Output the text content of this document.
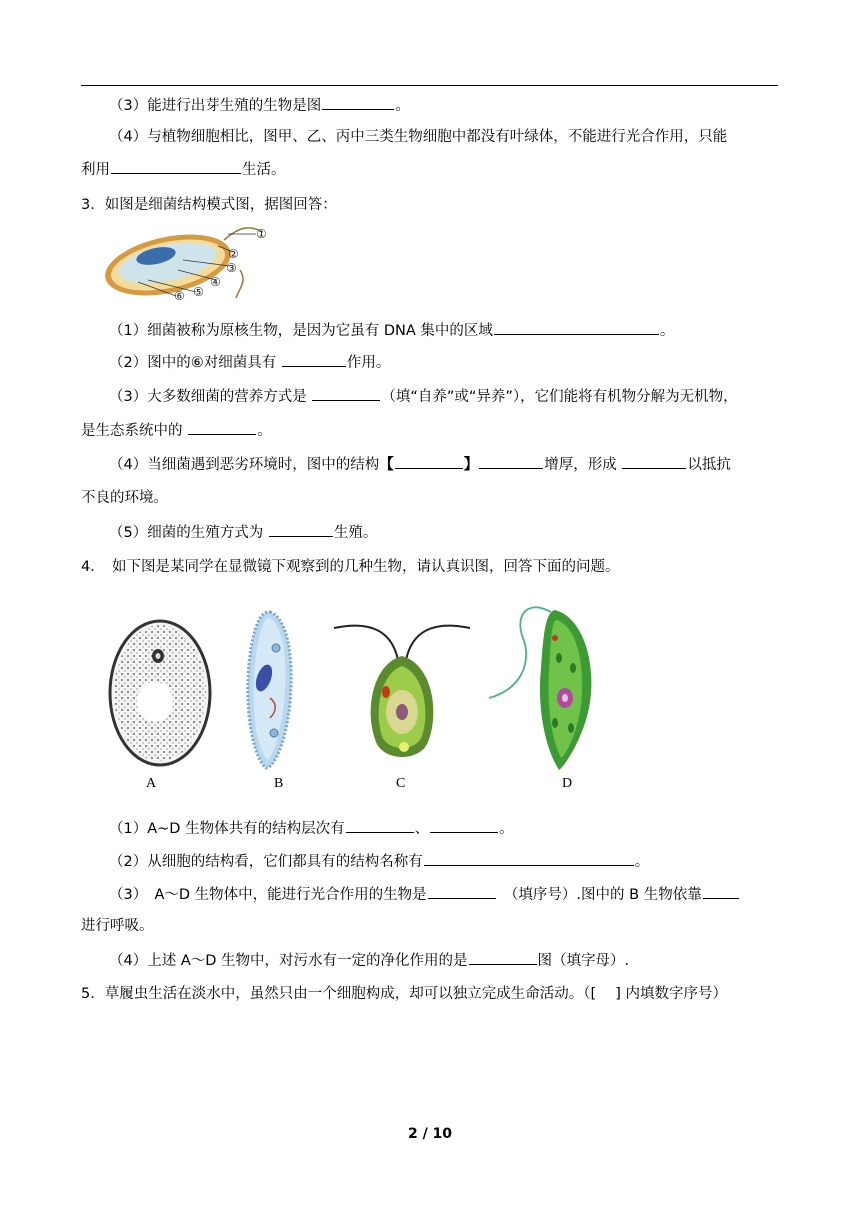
（3）能进行出芽生殖的生物是图	。
（4）与植物细胞相比，图甲、乙、丙中三类生物细胞中都没有叶绿体，不能进行光合作用，只能
利用	生活。
3．如图是细菌结构模式图，据图回答：
①
②
③
④
⑤
⑥
（1）细菌被称为原核生物，是因为它虽有 DNA 集中的区域	。
（2）图中的⑥对细菌具有	作用。
（3）大多数细菌的营养方式是	（填“自养”或“异养”），它们能将有机物分解为无机物，
是生态系统中的	。
（4）当细菌遇到恶劣环境时，图中的结构【	】	增厚，形成	以抵抗
不良的环境。
（5）细菌的生殖方式为	生殖。
4．　如下图是某同学在显微镜下观察到的几种生物，请认真识图，回答下面的问题。
A	B	C	D
（1）A~D 生物体共有的结构层次有	、	。
（2）从细胞的结构看，它们都具有的结构名称有	。
（3）　A～D 生物体中，能进行光合作用的生物是	　（填序号）.图中的 B 生物依靠
进行呼吸。
（4）上述 A～D 生物中，对污水有一定的净化作用的是	图（填字母）.
5．草履虫生活在淡水中，虽然只由一个细胞构成，却可以独立完成生命活动。（[　 ] 内填数字序号）
2 / 10
